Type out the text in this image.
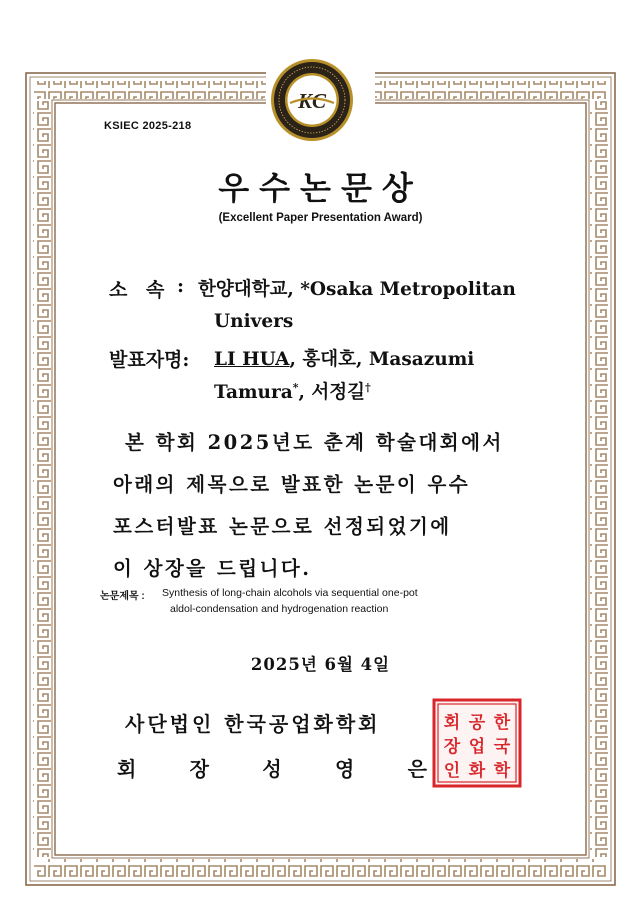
KC
KSIEC 2025-218
우수논문상
(Excellent Paper Presentation Award)
소 속 : 한양대학교, *Osaka Metropolitan
Univers
발표자명: LI HUA, 홍대호, Masazumi
Tamura*, 서정길†
본 학회 2025년도 춘계 학술대회에서
아래의 제목으로 발표한 논문이 우수
포스터발표 논문으로 선정되었기에
이 상장을 드립니다.
논문제목 : Synthesis of long-chain alcohols via sequential one-pot
aldol-condensation and hydrogenation reaction
2025년 6월 4일
사단법인 한국공업화학회
회	장	성	영	은
회 공 한
장 업 국
인 화 학
